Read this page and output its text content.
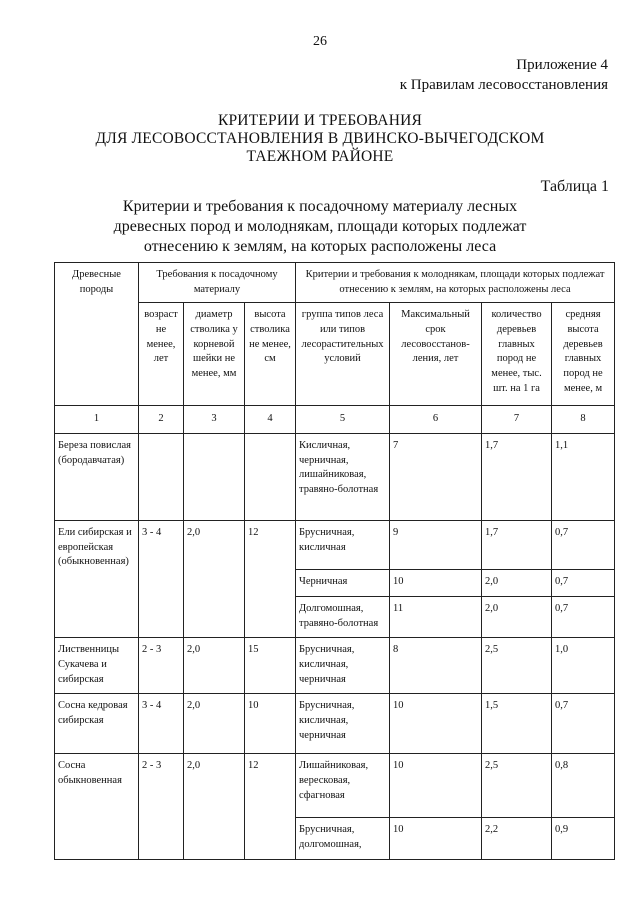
26
Приложение 4
к Правилам лесовосстановления
КРИТЕРИИ И ТРЕБОВАНИЯ
ДЛЯ ЛЕСОВОССТАНОВЛЕНИЯ В ДВИНСКО-ВЫЧЕГОДСКОМ
ТАЕЖНОМ РАЙОНЕ
Таблица 1
Критерии и требования к посадочному материалу лесных
древесных пород и молоднякам, площади которых подлежат
отнесению к землям, на которых расположены леса
Древесные породы	Требования к посадочному материалу			Критерии и требования к молоднякам, площади которых подлежат отнесению к землям, на которых расположены леса			
	возраст не менее, лет	диаметр стволика у корневой шейки не менее, мм	высота стволика не менее, см	группа типов леса или типов лесорастительных условий	Максимальный срок лесовосстанов-ления, лет	количество деревьев главных пород не менее, тыс. шт. на 1 га	средняя высота деревьев главных пород не менее, м
1	2	3	4	5	6	7	8
Береза повислая (бородавчатая)				Кисличная, черничная, лишайниковая, травяно-болотная	7	1,7	1,1
Ели сибирская и европейская (обыкновенная)	3 - 4	2,0	12	Брусничная, кисличная	9	1,7	0,7
				Черничная	10	2,0	0,7
				Долгомошная, травяно-болотная	11	2,0	0,7
Лиственницы Сукачева и сибирская	2 - 3	2,0	15	Брусничная, кисличная, черничная	8	2,5	1,0
Сосна кедровая сибирская	3 - 4	2,0	10	Брусничная, кисличная, черничная	10	1,5	0,7
Сосна обыкновенная	2 - 3	2,0	12	Лишайниковая, вересковая, сфагновая	10	2,5	0,8
				Брусничная, долгомошная,	10	2,2	0,9
